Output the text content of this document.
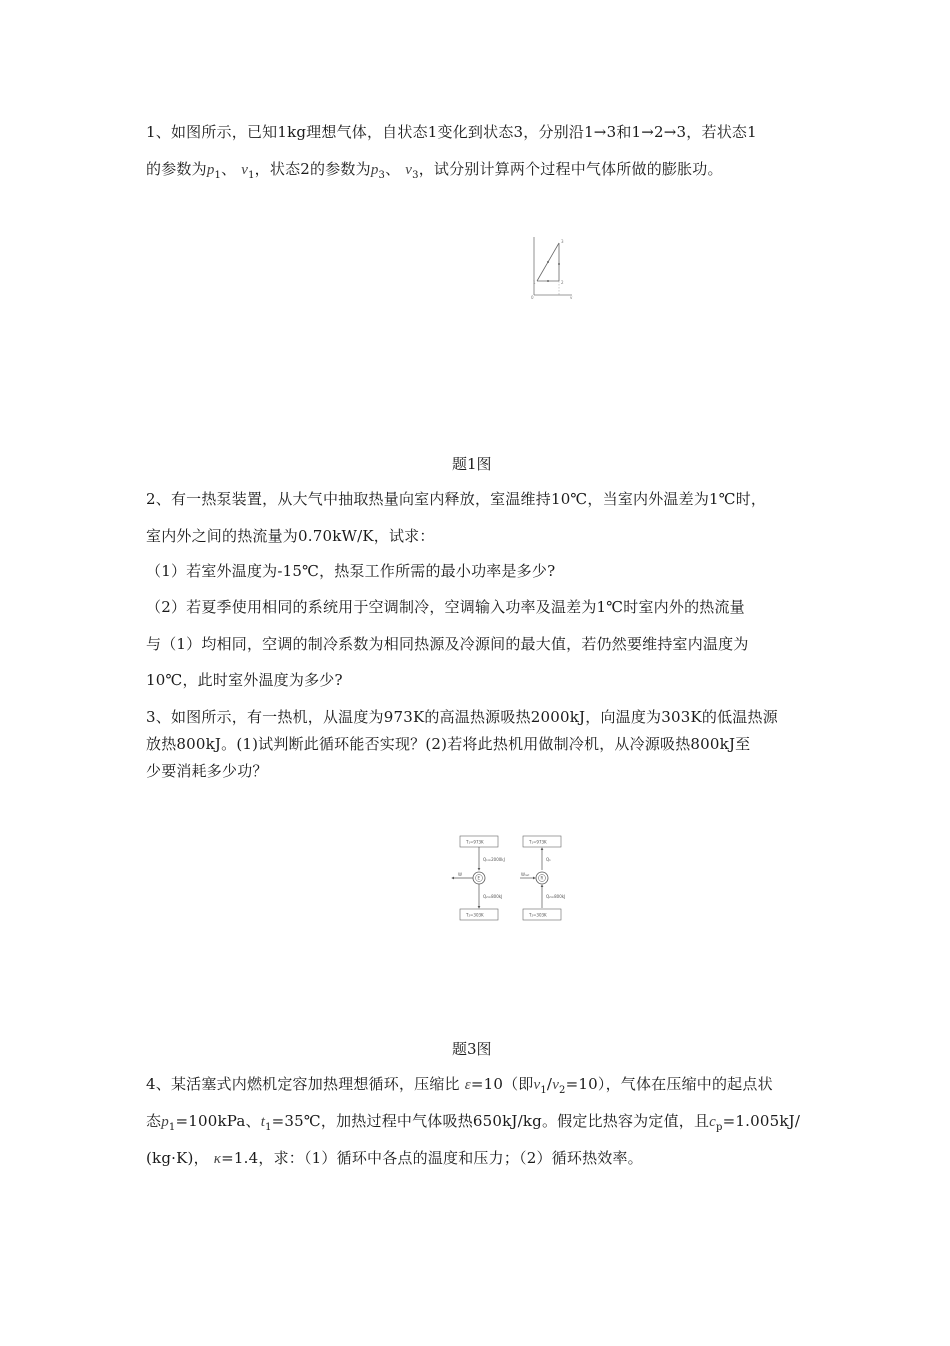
1、如图所示，已知1kg理想气体，自状态1变化到状态3，分别沿1→3和1→2→3，若状态1
的参数为$p_1$、 $v_1$，状态2的参数为$p_3$、 $v_3$，试分别计算两个过程中气体所做的膨胀功。
0
1	2
3
v
题1图
2、有一热泵装置，从大气中抽取热量向室内释放，室温维持10℃，当室内外温差为1℃时，
室内外之间的热流量为0.70kW/K，试求：
（1）若室外温度为-15℃，热泵工作所需的最小功率是多少?
（2）若夏季使用相同的系统用于空调制冷，空调输入功率及温差为1℃时室内外的热流量
与（1）均相同，空调的制冷系数为相同热源及冷源间的最大值，若仍然要维持室内温度为
10℃，此时室外温度为多少?
3、如图所示，有一热机，从温度为973K的高温热源吸热2000kJ，向温度为303K的低温热源
放热800kJ。(1)试判断此循环能否实现？(2)若将此热机用做制冷机，从冷源吸热800kJ至
少要消耗多少功？
T₁=973K
Q₁=2000kJ
E
W
Q₂=800kJ
T₂=303K
T₁=973K
Q₁
R
Wₙₑₜ
Q₂=800kJ
T₂=303K
题3图
4、某活塞式内燃机定容加热理想循环，压缩比 ε=10（即$v_1/v_2=10$），气体在压缩中的起点状
态$p_1=100kPa$、$t_1=35℃$，加热过程中气体吸热650kJ/kg。假定比热容为定值，且$c_p=1.005kJ/$
(kg·K)， κ=1.4，求：（1）循环中各点的温度和压力；（2）循环热效率。
